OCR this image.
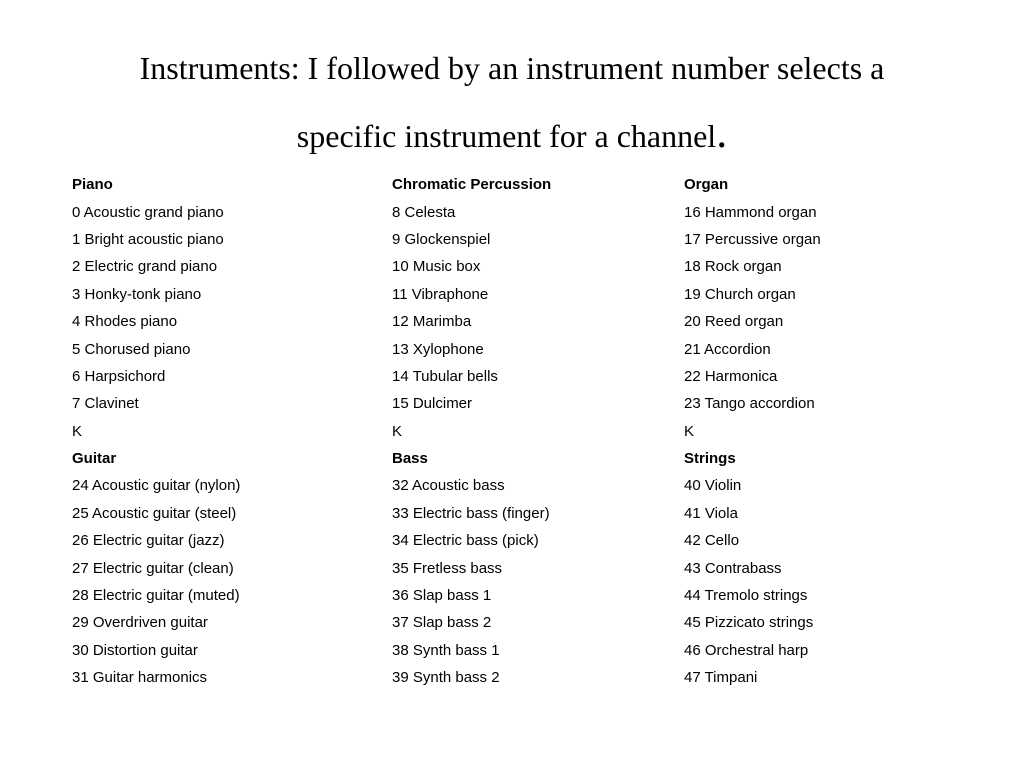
Instruments: I followed by an instrument number selects a
specific instrument for a channel.
Piano	Chromatic Percussion	Organ
0 Acoustic grand piano	8 Celesta	16 Hammond organ
1 Bright acoustic piano	9 Glockenspiel	17 Percussive organ
2 Electric grand piano	10 Music box	18 Rock organ
3 Honky-tonk piano	11 Vibraphone	19 Church organ
4 Rhodes piano	12 Marimba	20 Reed organ
5 Chorused piano	13 Xylophone	21 Accordion
6 Harpsichord	14 Tubular bells	22 Harmonica
7 Clavinet	15 Dulcimer	23 Tango accordion
K	K	K
Guitar	Bass	Strings
24 Acoustic guitar (nylon)	32 Acoustic bass	40 Violin
25 Acoustic guitar (steel)	33 Electric bass (finger)	41 Viola
26 Electric guitar (jazz)	34 Electric bass (pick)	42 Cello
27 Electric guitar (clean)	35 Fretless bass	43 Contrabass
28 Electric guitar (muted)	36 Slap bass 1	44 Tremolo strings
29 Overdriven guitar	37 Slap bass 2	45 Pizzicato strings
30 Distortion guitar	38 Synth bass 1	46 Orchestral harp
31 Guitar harmonics	39 Synth bass 2	47 Timpani
